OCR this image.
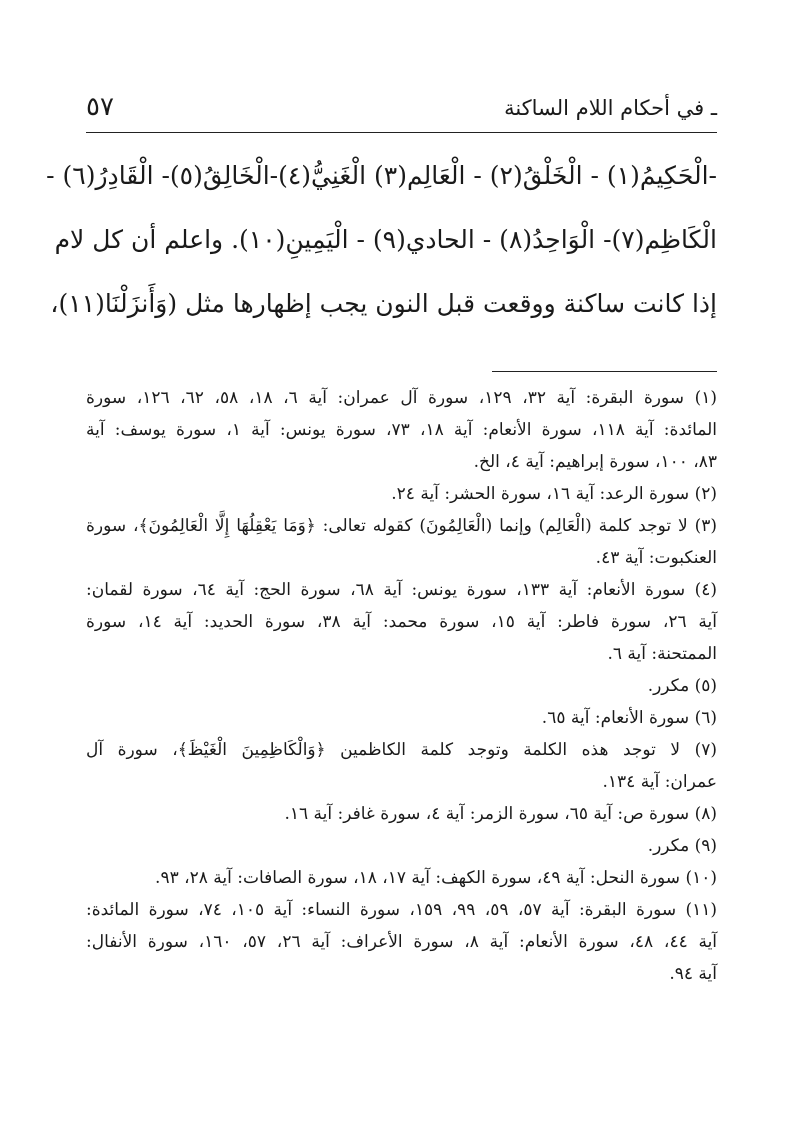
٥٧	ـ في أحكام اللام الساكنة
-الْحَكِيمُ(١) - الْخَلْقُ(٢) - الْعَالِم(٣) الْغَنِيُّ(٤)-الْخَالِقُ(٥)- الْقَادِرُ(٦) -
الْكَاظِم(٧)- الْوَاحِدُ(٨) - الحادي(٩) - الْيَمِينِ(١٠). واعلم أن كل لام
إذا كانت ساكنة ووقعت قبل النون يجب إظهارها مثل (وَأَنزَلْنَا(١١)،
(١) سورة البقرة: آية ٣٢، ١٢٩، سورة آل عمران: آية ٦، ١٨، ٥٨، ٦٢، ١٢٦، سورة
المائدة: آية ١١٨، سورة الأنعام: آية ١٨، ٧٣، سورة يونس: آية ١، سورة يوسف: آية
٨٣، ١٠٠، سورة إبراهيم: آية ٤، الخ.
(٢) سورة الرعد: آية ١٦، سورة الحشر: آية ٢٤.
(٣) لا توجد كلمة (الْعَالِم) وإنما (الْعَالِمُونَ) كقوله تعالى: ﴿وَمَا يَعْقِلُهَا إِلَّا الْعَالِمُونَ﴾، سورة
العنكبوت: آية ٤٣.
(٤) سورة الأنعام: آية ١٣٣، سورة يونس: آية ٦٨، سورة الحج: آية ٦٤، سورة لقمان:
آية ٢٦، سورة فاطر: آية ١٥، سورة محمد: آية ٣٨، سورة الحديد: آية ١٤، سورة
الممتحنة: آية ٦.
(٥) مكرر.
(٦) سورة الأنعام: آية ٦٥.
(٧) لا توجد هذه الكلمة وتوجد كلمة الكاظمين ﴿وَالْكَاظِمِينَ الْغَيْظَ﴾، سورة آل
عمران: آية ١٣٤.
(٨) سورة ص: آية ٦٥، سورة الزمر: آية ٤، سورة غافر: آية ١٦.
(٩) مكرر.
(١٠) سورة النحل: آية ٤٩، سورة الكهف: آية ١٧، ١٨، سورة الصافات: آية ٢٨، ٩٣.
(١١) سورة البقرة: آية ٥٧، ٥٩، ٩٩، ١٥٩، سورة النساء: آية ١٠٥، ٧٤، سورة المائدة:
آية ٤٤، ٤٨، سورة الأنعام: آية ٨، سورة الأعراف: آية ٢٦، ٥٧، ١٦٠، سورة الأنفال:
آية ٩٤.
